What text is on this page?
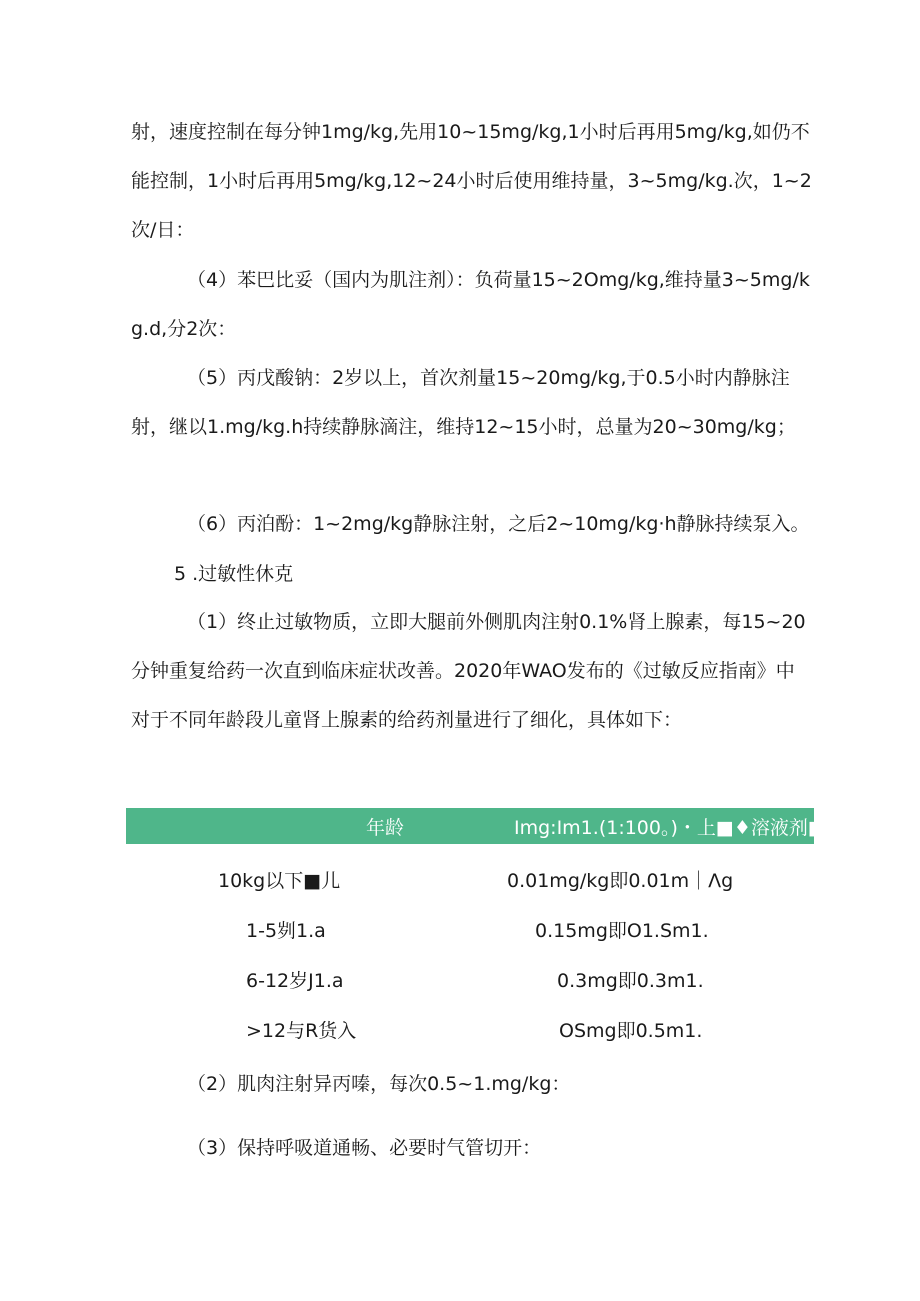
射，速度控制在每分钟1mg/kg,先用10~15mg/kg,1小时后再用5mg/kg,如仍不能控制，1小时后再用5mg/kg,12~24小时后使用维持量，3~5mg/kg.次，1~2次/日：

（4）苯巴比妥（国内为肌注剂）：负荷量15~2Omg/kg,维持量3~5mg/kg.d,分2次：

（5）丙戊酸钠：2岁以上，首次剂量15~20mg/kg,于0.5小时内静脉注射，继以1.mg/kg.h持续静脉滴注，维持12~15小时，总量为20~30mg/kg；

（6）丙泊酚：1~2mg/kg静脉注射，之后2~10mg/kg·h静脉持续泵入。

5 .过敏性休克

（1）终止过敏物质，立即大腿前外侧肌肉注射0.1%肾上腺素，每15~20分钟重复给药一次直到临床症状改善。2020年WAO发布的《过敏反应指南》中对于不同年龄段儿童肾上腺素的给药剂量进行了细化，具体如下：

年龄	Img:Im1.(1:100。)・上■♦溶液剂■
10kg以下■儿	0.01mg/kg即0.01m｜Λg
1-5刿1.a	0.15mg即O1.Sm1.
6-12岁J1.a	0.3mg即0.3m1.
>12与R货入	OSmg即0.5m1.

（2）肌肉注射异丙嗪，每次0.5~1.mg/kg：

（3）保持呼吸道通畅、必要时气管切开：
